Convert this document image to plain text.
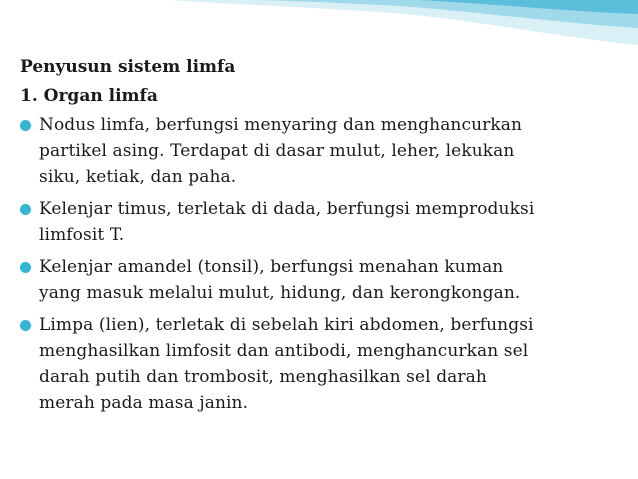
Penyusun sistem limfa
1. Organ limfa
Nodus limfa, berfungsi menyaring dan menghancurkan
partikel asing. Terdapat di dasar mulut, leher, lekukan
siku, ketiak, dan paha.
Kelenjar timus, terletak di dada, berfungsi memproduksi
limfosit T.
Kelenjar amandel (tonsil), berfungsi menahan kuman
yang masuk melalui mulut, hidung, dan kerongkongan.
Limpa (lien), terletak di sebelah kiri abdomen, berfungsi
menghasilkan limfosit dan antibodi, menghancurkan sel
darah putih dan trombosit, menghasilkan sel darah
merah pada masa janin.
